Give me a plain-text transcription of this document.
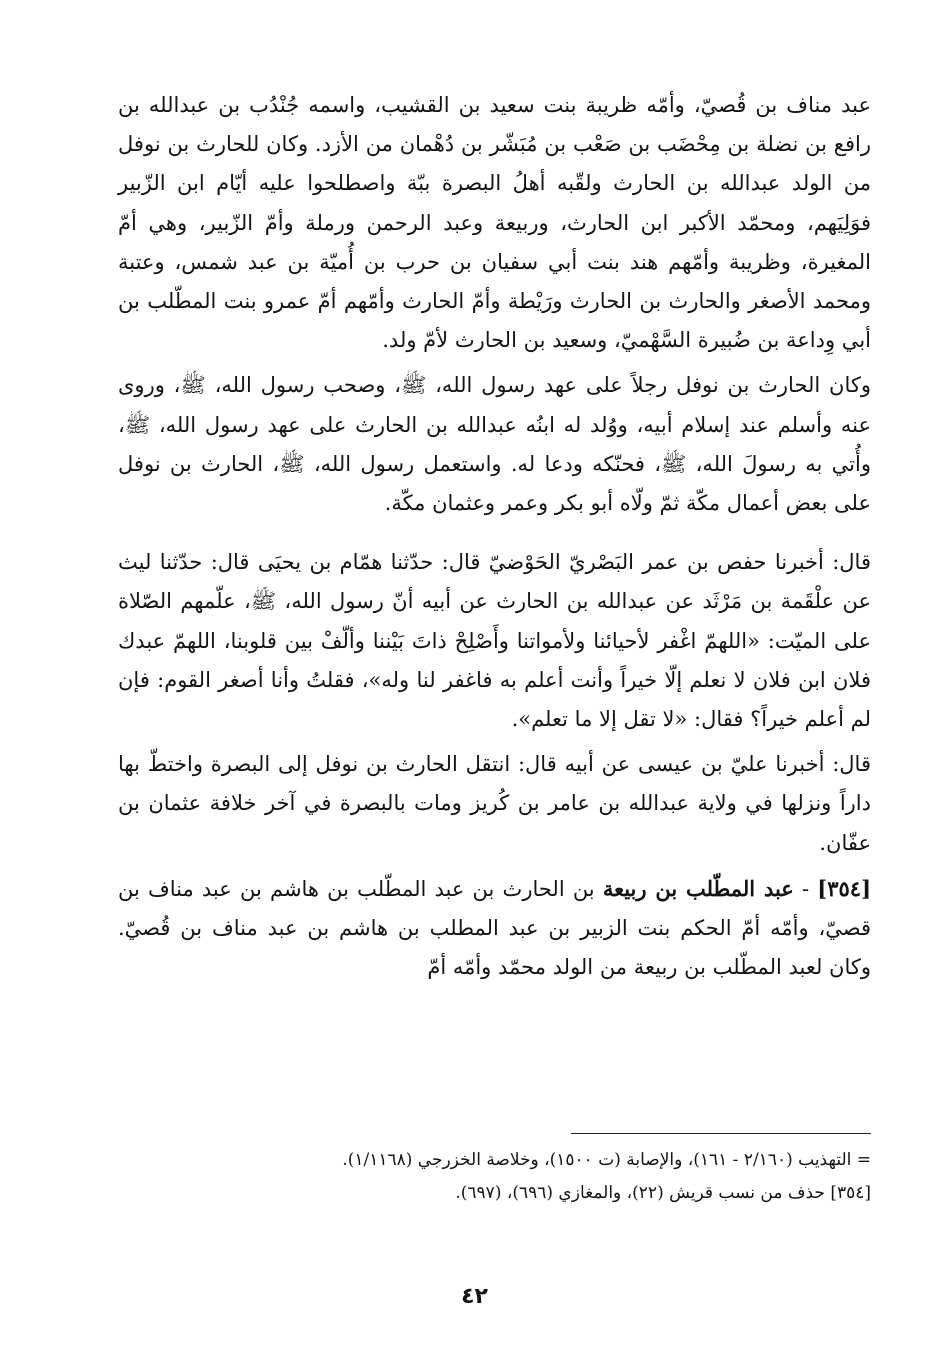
عبد مناف بن قُصيّ، وأمّه ظريبة بنت سعيد بن القشيب، واسمه جُنْدُب بن عبدالله بن رافع بن نضلة بن مِحْضَب بن صَعْب بن مُبَشّر بن دُهْمان من الأزد. وكان للحارث بن نوفل من الولد عبدالله بن الحارث ولقّبه أهلُ البصرة ببّة واصطلحوا عليه أيّام ابن الزّبير فوَلِيَهم، ومحمّد الأكبر ابن الحارث، وربيعة وعبد الرحمن ورملة وأمّ الزّبير، وهي أمّ المغيرة، وظريبة وأمّهم هند بنت أبي سفيان بن حرب بن أُميّة بن عبد شمس، وعتبة ومحمد الأصغر والحارث بن الحارث ورَيْطة وأمّ الحارث وأمّهم أمّ عمرو بنت المطّلب بن أبي وِداعة بن ضُبيرة السَّهْميّ، وسعيد بن الحارث لأمّ ولد.

وكان الحارث بن نوفل رجلاً على عهد رسول الله، ﷺ، وصحب رسول الله، ﷺ، وروى عنه وأسلم عند إسلام أبيه، ووُلد له ابنُه عبدالله بن الحارث على عهد رسول الله، ﷺ، وأُتي به رسولَ الله، ﷺ، فحنّكه ودعا له. واستعمل رسول الله، ﷺ، الحارث بن نوفل على بعض أعمال مكّة ثمّ ولّاه أبو بكر وعمر وعثمان مكّة.

قال: أخبرنا حفص بن عمر البَصْريّ الحَوْضيّ قال: حدّثنا همّام بن يحيَى قال: حدّثنا ليث عن علْقَمة بن مَرْثَد عن عبدالله بن الحارث عن أبيه أنّ رسول الله، ﷺ، علّمهم الصّلاة على الميّت: «اللهمّ اغْفر لأحيائنا ولأمواتنا وأَصْلِحْ ذاتَ بَيْننا وألّفْ بين قلوبنا، اللهمّ عبدك فلان ابن فلان لا نعلم إلّا خيراً وأنت أعلم به فاغفر لنا وله»، فقلتُ وأنا أصغر القوم: فإن لم أعلم خيراً؟ فقال: «لا تقل إلا ما تعلم».

قال: أخبرنا عليّ بن عيسى عن أبيه قال: انتقل الحارث بن نوفل إلى البصرة واختطّ بها داراً ونزلها في ولاية عبدالله بن عامر بن كُريز ومات بالبصرة في آخر خلافة عثمان بن عفّان.

[٣٥٤] - عبد المطّلب بن ربيعة بن الحارث بن عبد المطّلب بن هاشم بن عبد مناف بن قصيّ، وأمّه أمّ الحكم بنت الزبير بن عبد المطلب بن هاشم بن عبد مناف بن قُصيّ. وكان لعبد المطّلب بن ربيعة من الولد محمّد وأمّه أمّ

= التهذيب (٢/١٦٠ - ١٦١)، والإصابة (ت ١٥٠٠)، وخلاصة الخزرجي (١/١١٦٨).

[٣٥٤] حذف من نسب قريش (٢٢)، والمغازي (٦٩٦)، (٦٩٧).

٤٢
